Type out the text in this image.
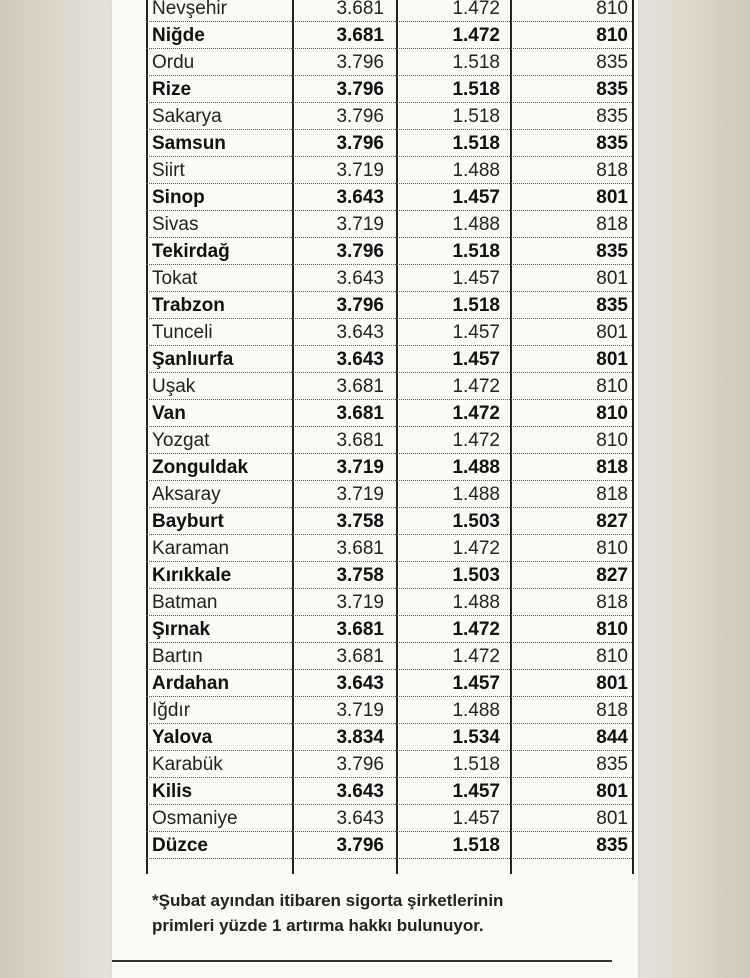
Nevşehir	3.681	1.472	810
Niğde	3.681	1.472	810
Ordu	3.796	1.518	835
Rize	3.796	1.518	835
Sakarya	3.796	1.518	835
Samsun	3.796	1.518	835
Siirt	3.719	1.488	818
Sinop	3.643	1.457	801
Sivas	3.719	1.488	818
Tekirdağ	3.796	1.518	835
Tokat	3.643	1.457	801
Trabzon	3.796	1.518	835
Tunceli	3.643	1.457	801
Şanlıurfa	3.643	1.457	801
Uşak	3.681	1.472	810
Van	3.681	1.472	810
Yozgat	3.681	1.472	810
Zonguldak	3.719	1.488	818
Aksaray	3.719	1.488	818
Bayburt	3.758	1.503	827
Karaman	3.681	1.472	810
Kırıkkale	3.758	1.503	827
Batman	3.719	1.488	818
Şırnak	3.681	1.472	810
Bartın	3.681	1.472	810
Ardahan	3.643	1.457	801
Iğdır	3.719	1.488	818
Yalova	3.834	1.534	844
Karabük	3.796	1.518	835
Kilis	3.643	1.457	801
Osmaniye	3.643	1.457	801
Düzce	3.796	1.518	835
*Şubat ayından itibaren sigorta şirketlerinin
primleri yüzde 1 artırma hakkı bulunuyor.
